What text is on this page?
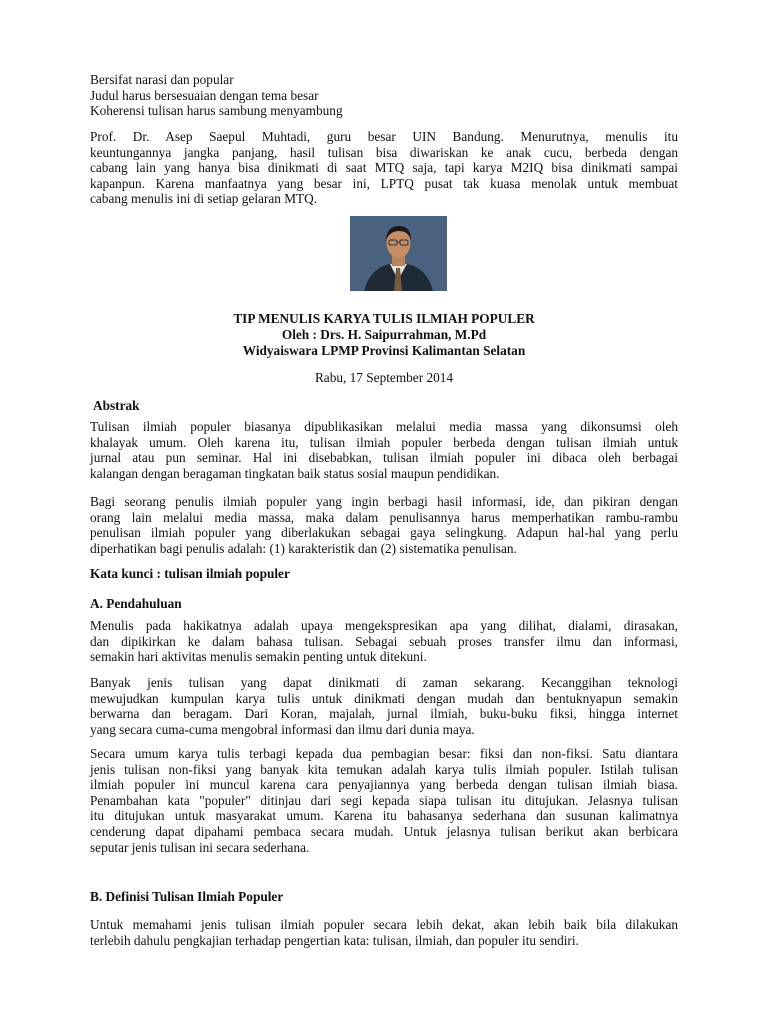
Bersifat narasi dan popular
Judul harus bersesuaian dengan tema besar
Koherensi tulisan harus sambung menyambung
Prof. Dr. Asep Saepul Muhtadi, guru besar UIN Bandung. Menurutnya, menulis itu
keuntungannya jangka panjang, hasil tulisan bisa diwariskan ke anak cucu, berbeda dengan
cabang lain yang hanya bisa dinikmati di saat MTQ saja, tapi karya M2IQ bisa dinikmati sampai
kapanpun. Karena manfaatnya yang besar ini, LPTQ pusat tak kuasa menolak untuk membuat
cabang menulis ini di setiap gelaran MTQ.
TIP MENULIS KARYA TULIS ILMIAH POPULER
Oleh : Drs. H. Saipurrahman, M.Pd
Widyaiswara LPMP Provinsi Kalimantan Selatan
Rabu, 17 September 2014
Abstrak
Tulisan ilmiah populer biasanya dipublikasikan melalui media massa yang dikonsumsi oleh
khalayak umum. Oleh karena itu, tulisan ilmiah populer berbeda dengan tulisan ilmiah untuk
jurnal atau pun seminar. Hal ini disebabkan, tulisan ilmiah populer ini dibaca oleh berbagai
kalangan dengan beragaman tingkatan baik status sosial maupun pendidikan.
Bagi seorang penulis ilmiah populer yang ingin berbagi hasil informasi, ide, dan pikiran dengan
orang lain melalui media massa, maka dalam penulisannya harus memperhatikan rambu-rambu
penulisan ilmiah populer yang diberlakukan sebagai gaya selingkung. Adapun hal-hal yang perlu
diperhatikan bagi penulis adalah: (1) karakteristik dan (2) sistematika penulisan.
Kata kunci : tulisan ilmiah populer
A. Pendahuluan
Menulis pada hakikatnya adalah upaya mengekspresikan apa yang dilihat, dialami, dirasakan,
dan dipikirkan ke dalam bahasa tulisan. Sebagai sebuah proses transfer ilmu dan informasi,
semakin hari aktivitas menulis semakin penting untuk ditekuni.
Banyak jenis tulisan yang dapat dinikmati di zaman sekarang. Kecanggihan teknologi
mewujudkan kumpulan karya tulis untuk dinikmati dengan mudah dan bentuknyapun semakin
berwarna dan beragam. Dari Koran, majalah, jurnal ilmiah, buku-buku fiksi, hingga internet
yang secara cuma-cuma mengobral informasi dan ilmu dari dunia maya.
Secara umum karya tulis terbagi kepada dua pembagian besar: fiksi dan non-fiksi. Satu diantara
jenis tulisan non-fiksi yang banyak kita temukan adalah karya tulis ilmiah populer. Istilah tulisan
ilmiah populer ini muncul karena cara penyajiannya yang berbeda dengan tulisan ilmiah biasa.
Penambahan kata "populer" ditinjau dari segi kepada siapa tulisan itu ditujukan. Jelasnya tulisan
itu ditujukan untuk masyarakat umum. Karena itu bahasanya sederhana dan susunan kalimatnya
cenderung dapat dipahami pembaca secara mudah. Untuk jelasnya tulisan berikut akan berbicara
seputar jenis tulisan ini secara sederhana.
B. Definisi Tulisan Ilmiah Populer
Untuk memahami jenis tulisan ilmiah populer secara lebih dekat, akan lebih baik bila dilakukan
terlebih dahulu pengkajian terhadap pengertian kata: tulisan, ilmiah, dan populer itu sendiri.
